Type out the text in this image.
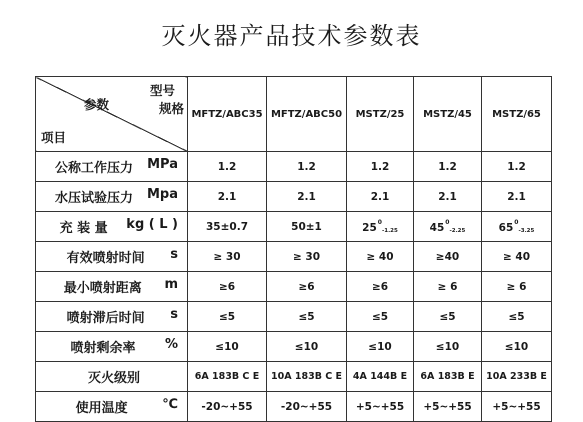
灭火器产品技术参数表
型号
规格
参数
项目	MFTZ/ABC35	MFTZ/ABC50	MSTZ/25	MSTZ/45	MSTZ/65
公称工作压力 MPa	1.2	1.2	1.2	1.2	1.2
水压试验压力 Mpa	2.1	2.1	2.1	2.1	2.1
充 装 量 kg ( L )	35±0.7	50±1	$25^0_{-1.25}$	$45^0_{-2.25}$	$65^0_{-3.25}$
有效喷射时间 s	≥ 30	≥ 30	≥ 40	≥40	≥ 40
最小喷射距离 m	≥6	≥6	≥6	≥ 6	≥ 6
喷射滞后时间 s	≤5	≤5	≤5	≤5	≤5
喷射剩余率 %	≤10	≤10	≤10	≤10	≤10
灭火级别	6A 183B C E	10A 183B C E	4A 144B E	6A 183B E	10A 233B E
使用温度 ℃	-20~+55	-20~+55	+5~+55	+5~+55	+5~+55
